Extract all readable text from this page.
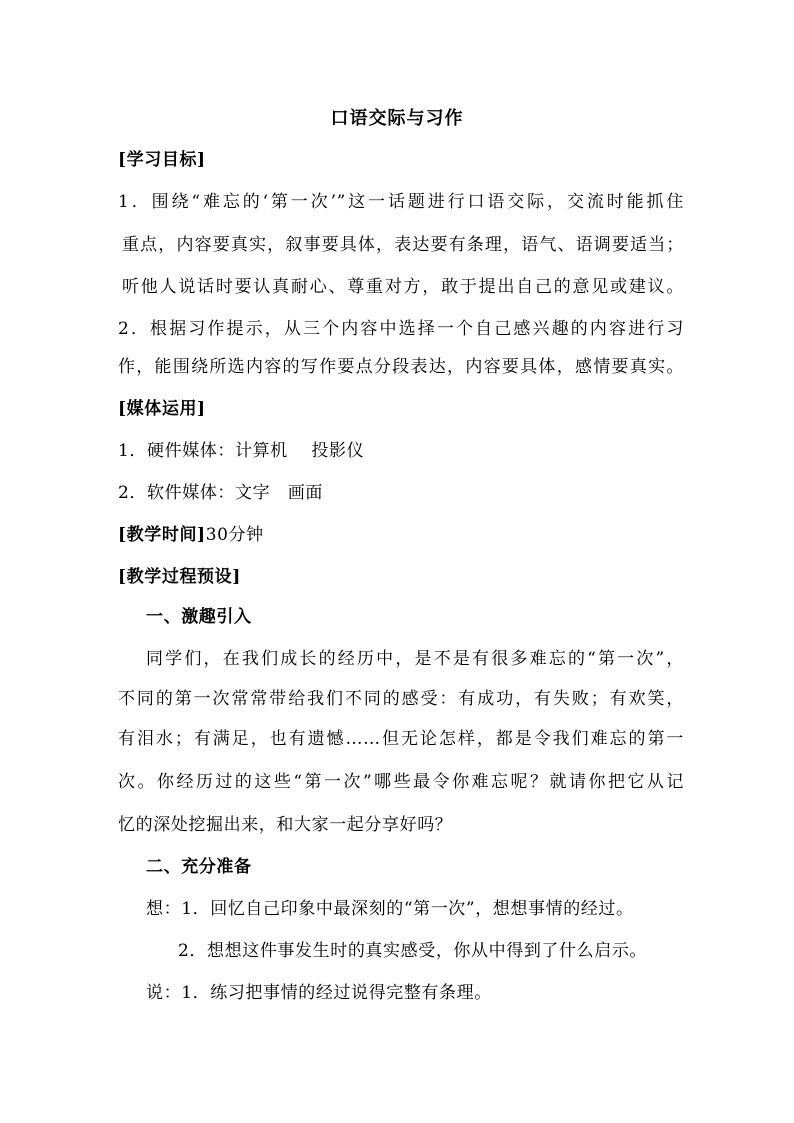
口语交际与习作
[学习目标]
1．围绕“难忘的‘第一次’”这一话题进行口语交际，交流时能抓住
重点，内容要真实，叙事要具体，表达要有条理，语气、语调要适当；
听他人说话时要认真耐心、尊重对方，敢于提出自己的意见或建议。
2．根据习作提示，从三个内容中选择一个自己感兴趣的内容进行习
作，能围绕所选内容的写作要点分段表达，内容要具体，感情要真实。
[媒体运用]
1．硬件媒体：计算机　 投影仪
2．软件媒体：文字　画面
[教学时间]30分钟
[教学过程预设]
一、激趣引入
同学们，在我们成长的经历中，是不是有很多难忘的“第一次”，
不同的第一次常常带给我们不同的感受：有成功，有失败；有欢笑，
有泪水；有满足，也有遗憾……但无论怎样，都是令我们难忘的第一
次。你经历过的这些“第一次”哪些最令你难忘呢？就请你把它从记
忆的深处挖掘出来，和大家一起分享好吗？
二、充分准备
想：1．回忆自己印象中最深刻的“第一次”，想想事情的经过。
2．想想这件事发生时的真实感受，你从中得到了什么启示。
说：1．练习把事情的经过说得完整有条理。
